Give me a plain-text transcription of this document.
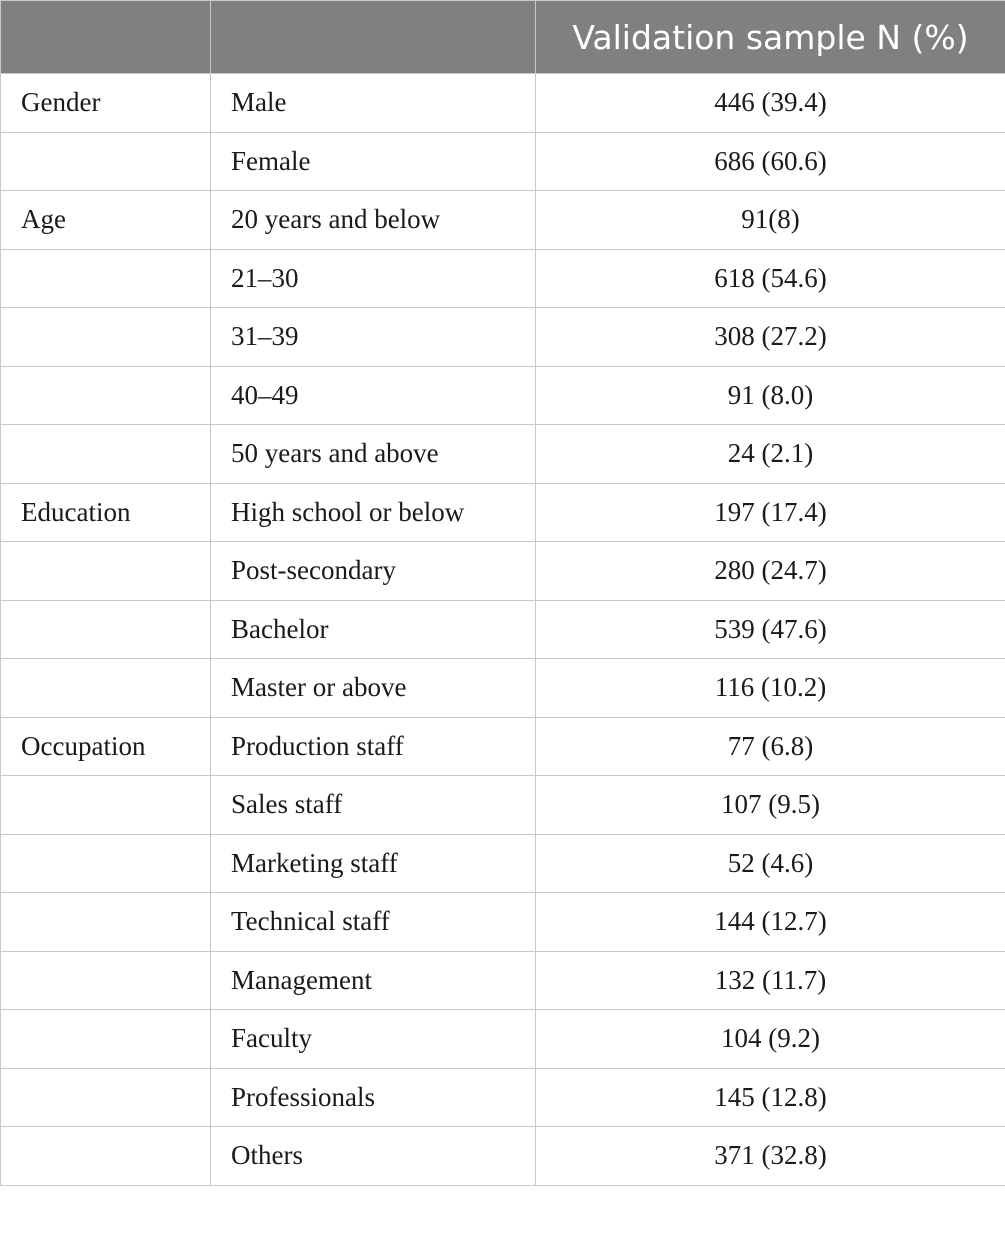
		Validation sample N (%)
Gender	Male	446 (39.4)
	Female	686 (60.6)
Age	20 years and below	91(8)
	21–30	618 (54.6)
	31–39	308 (27.2)
	40–49	91 (8.0)
	50 years and above	24 (2.1)
Education	High school or below	197 (17.4)
	Post-secondary	280 (24.7)
	Bachelor	539 (47.6)
	Master or above	116 (10.2)
Occupation	Production staff	77 (6.8)
	Sales staff	107 (9.5)
	Marketing staff	52 (4.6)
	Technical staff	144 (12.7)
	Management	132 (11.7)
	Faculty	104 (9.2)
	Professionals	145 (12.8)
	Others	371 (32.8)
